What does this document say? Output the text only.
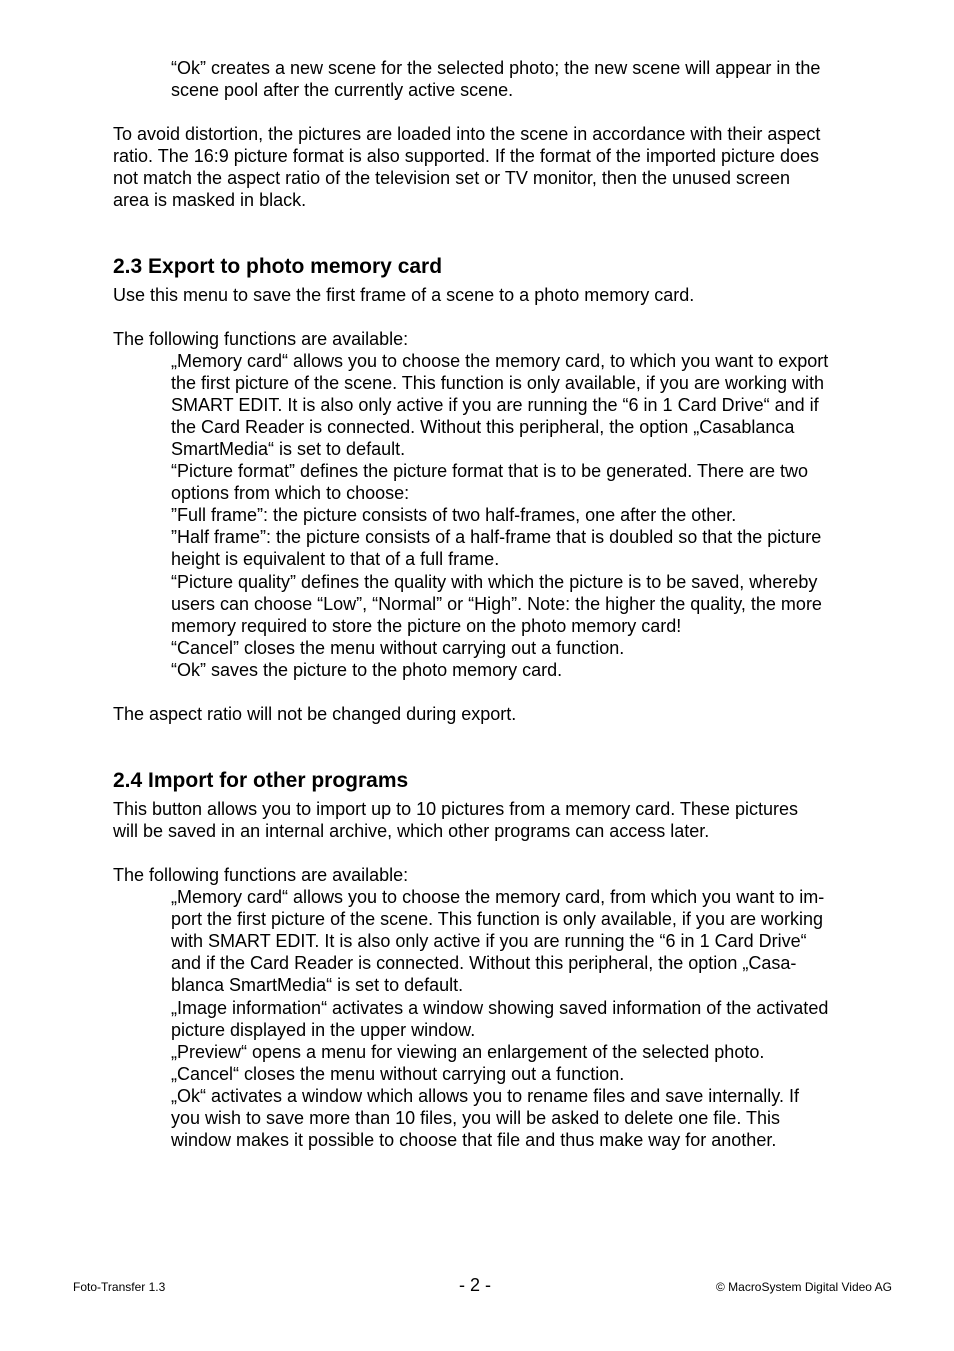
“Ok” creates a new scene for the selected photo; the new scene will appear in the
scene pool after the currently active scene.
To avoid distortion, the pictures are loaded into the scene in accordance with their aspect
ratio. The 16:9 picture format is also supported. If the format of the imported picture does
not match the aspect ratio of the television set or TV monitor, then the unused screen
area is masked in black.
2.3 Export to photo memory card
Use this menu to save the first frame of a scene to a photo memory card.
The following functions are available:
„Memory card“ allows you to choose the memory card, to which you want to export
the first picture of the scene. This function is only available, if you are working with
SMART EDIT. It is also only active if you are running the “6 in 1 Card Drive“ and if
the Card Reader is connected. Without this peripheral, the option „Casablanca
SmartMedia“ is set to default.
“Picture format” defines the picture format that is to be generated. There are two
options from which to choose:
”Full frame”: the picture consists of two half-frames, one after the other.
”Half frame”: the picture consists of a half-frame that is doubled so that the picture
height is equivalent to that of a full frame.
“Picture quality” defines the quality with which the picture is to be saved, whereby
users can choose “Low”, “Normal” or “High”. Note: the higher the quality, the more
memory required to store the picture on the photo memory card!
“Cancel” closes the menu without carrying out a function.
“Ok” saves the picture to the photo memory card.
The aspect ratio will not be changed during export.
2.4 Import for other programs
This button allows you to import up to 10 pictures from a memory card. These pictures
will be saved in an internal archive, which other programs can access later.
The following functions are available:
„Memory card“ allows you to choose the memory card, from which you want to im-
port the first picture of the scene. This function is only available, if you are working
with SMART EDIT. It is also only active if you are running the “6 in 1 Card Drive“
and if the Card Reader is connected. Without this peripheral, the option „Casa-
blanca SmartMedia“ is set to default.
„Image information“ activates a window showing saved information of the activated
picture displayed in the upper window.
„Preview“ opens a menu for viewing an enlargement of the selected photo.
„Cancel“ closes the menu without carrying out a function.
„Ok“ activates a window which allows you to rename files and save internally. If
you wish to save more than 10 files, you will be asked to delete one file. This
window makes it possible to choose that file and thus make way for another.
Foto-Transfer 1.3	- 2 -	© MacroSystem Digital Video AG
